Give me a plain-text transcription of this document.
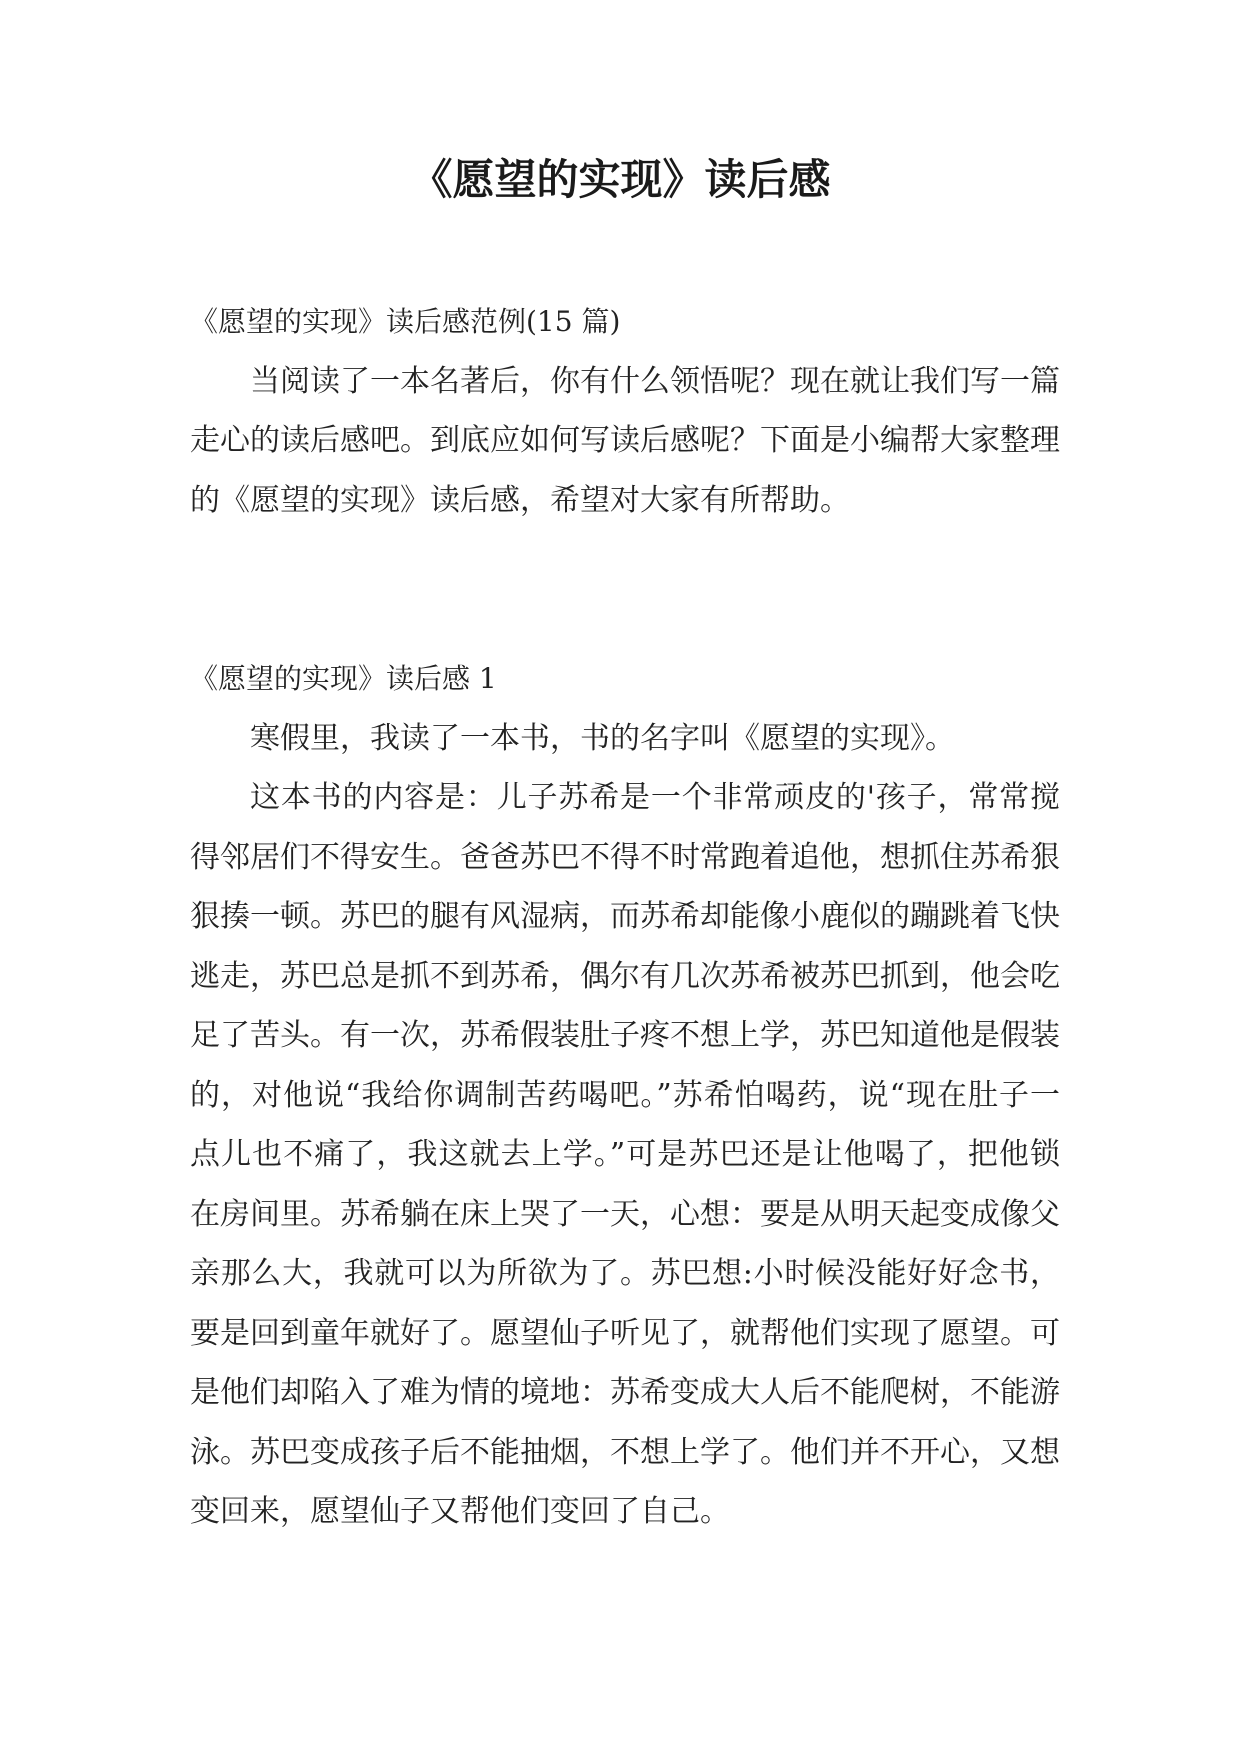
《愿望的实现》读后感

《愿望的实现》读后感范例(15 篇)

当阅读了一本名著后，你有什么领悟呢？现在就让我们写一篇走心的读后感吧。到底应如何写读后感呢？下面是小编帮大家整理的《愿望的实现》读后感，希望对大家有所帮助。

《愿望的实现》读后感 1

寒假里，我读了一本书，书的名字叫《愿望的实现》。

这本书的内容是：儿子苏希是一个非常顽皮的'孩子，常常搅得邻居们不得安生。爸爸苏巴不得不时常跑着追他，想抓住苏希狠狠揍一顿。苏巴的腿有风湿病，而苏希却能像小鹿似的蹦跳着飞快逃走，苏巴总是抓不到苏希，偶尔有几次苏希被苏巴抓到，他会吃足了苦头。有一次，苏希假装肚子疼不想上学，苏巴知道他是假装的，对他说“我给你调制苦药喝吧。”苏希怕喝药，说“现在肚子一点儿也不痛了，我这就去上学。”可是苏巴还是让他喝了，把他锁在房间里。苏希躺在床上哭了一天，心想：要是从明天起变成像父亲那么大，我就可以为所欲为了。苏巴想:小时候没能好好念书，要是回到童年就好了。愿望仙子听见了，就帮他们实现了愿望。可是他们却陷入了难为情的境地：苏希变成大人后不能爬树，不能游泳。苏巴变成孩子后不能抽烟，不想上学了。他们并不开心，又想变回来，愿望仙子又帮他们变回了自己。
